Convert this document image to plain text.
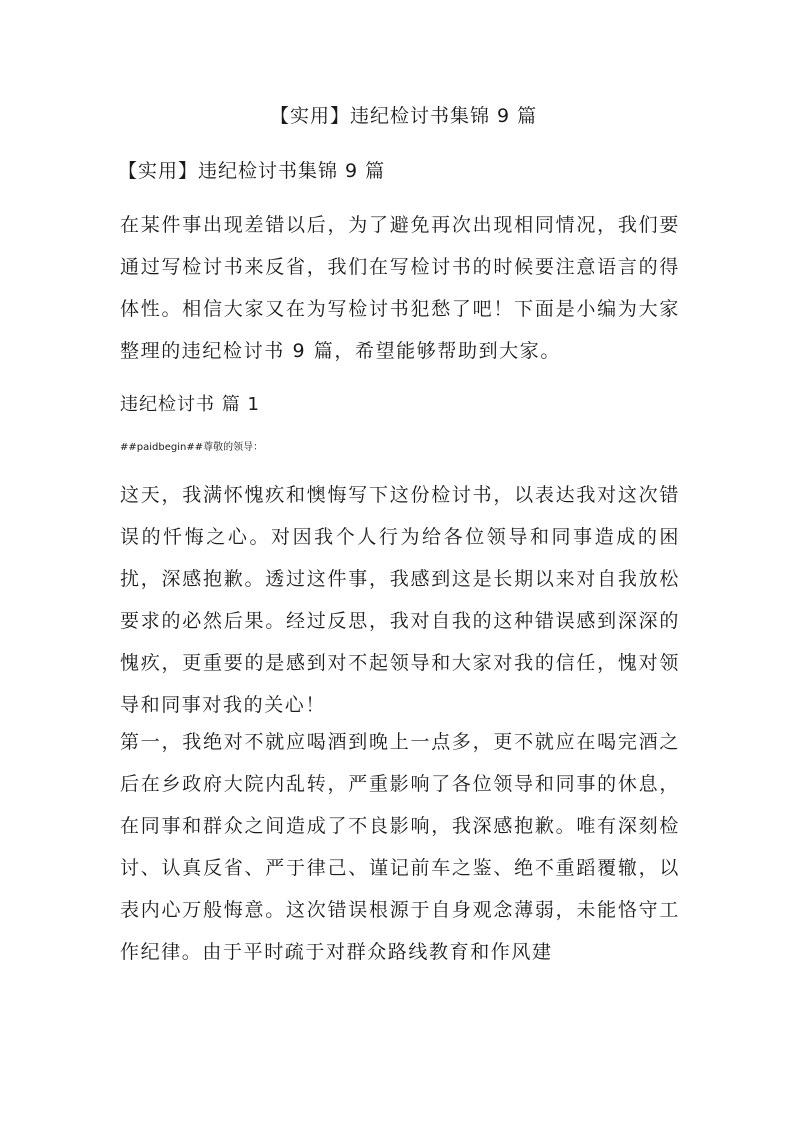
【实用】违纪检讨书集锦 9 篇
【实用】违纪检讨书集锦 9 篇

在某件事出现差错以后，为了避免再次出现相同情况，我们要通过写检讨书来反省，我们在写检讨书的时候要注意语言的得体性。相信大家又在为写检讨书犯愁了吧！下面是小编为大家整理的违纪检讨书 9 篇，希望能够帮助到大家。

违纪检讨书 篇 1
##paidbegin##尊敬的领导：

这天，我满怀愧疚和懊悔写下这份检讨书，以表达我对这次错误的忏悔之心。对因我个人行为给各位领导和同事造成的困扰，深感抱歉。透过这件事，我感到这是长期以来对自我放松要求的必然后果。经过反思，我对自我的这种错误感到深深的愧疚，更重要的是感到对不起领导和大家对我的信任，愧对领导和同事对我的关心！

第一，我绝对不就应喝酒到晚上一点多，更不就应在喝完酒之后在乡政府大院内乱转，严重影响了各位领导和同事的休息，在同事和群众之间造成了不良影响，我深感抱歉。唯有深刻检讨、认真反省、严于律己、谨记前车之鉴、绝不重蹈覆辙，以表内心万般悔意。这次错误根源于自身观念薄弱，未能恪守工作纪律。由于平时疏于对群众路线教育和作风建
